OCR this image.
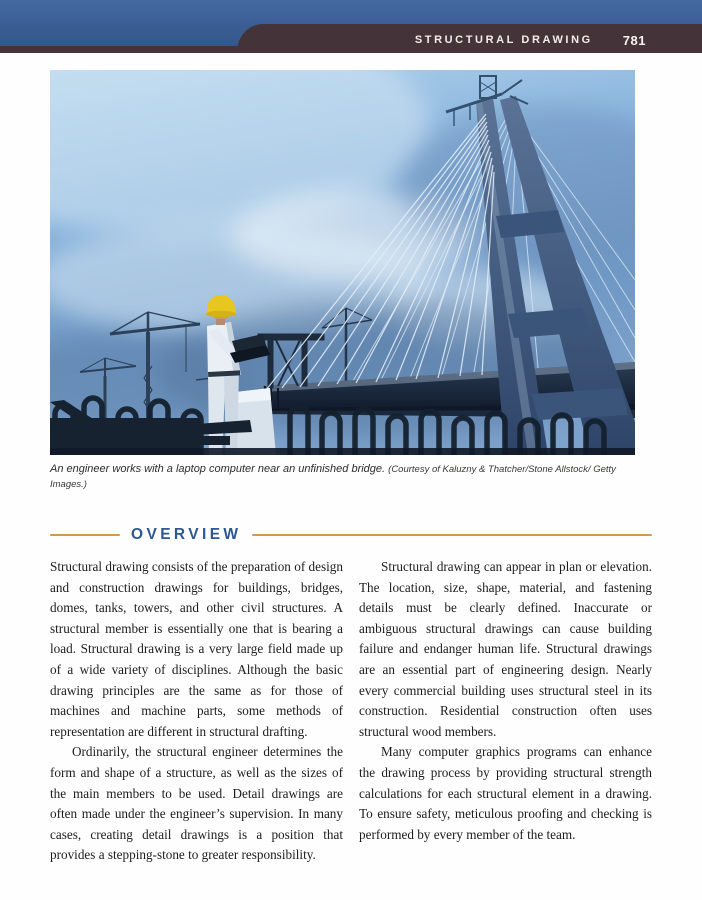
STRUCTURAL DRAWING 781
An engineer works with a laptop computer near an unfinished bridge. (Courtesy of Kaluzny & Thatcher/Stone Allstock/ Getty Images.)
OVERVIEW

Structural drawing consists of the preparation of design and construction drawings for buildings, bridges, domes, tanks, towers, and other civil structures. A structural member is essentially one that is bearing a load. Structural drawing is a very large field made up of a wide variety of disciplines. Although the basic drawing principles are the same as for those of machines and machine parts, some methods of representation are different in structural drafting.

Ordinarily, the structural engineer determines the form and shape of a structure, as well as the sizes of the main members to be used. Detail drawings are often made under the engineer’s supervision. In many cases, creating detail drawings is a position that provides a stepping-stone to greater responsibility.

Structural drawing can appear in plan or elevation. The location, size, shape, material, and fastening details must be clearly defined. Inaccurate or ambiguous structural drawings can cause building failure and endanger human life. Structural drawings are an essential part of engineering design. Nearly every commercial building uses structural steel in its construction. Residential construction often uses structural wood members.

Many computer graphics programs can enhance the drawing process by providing structural strength calculations for each structural element in a drawing. To ensure safety, meticulous proofing and checking is performed by every member of the team.
